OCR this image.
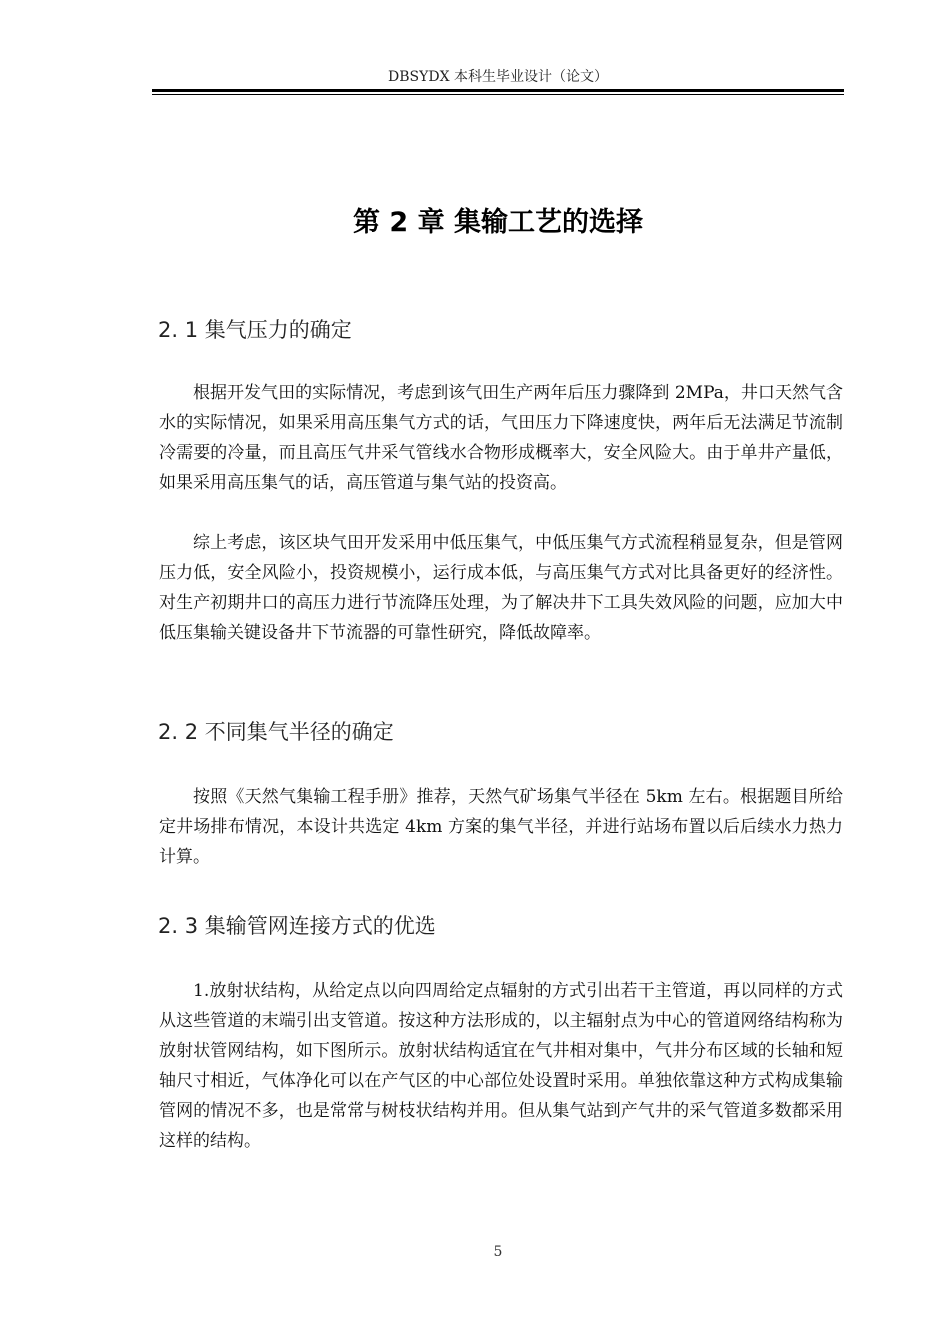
DBSYDX 本科生毕业设计（论文）
第 2 章 集输工艺的选择
2. 1 集气压力的确定

根据开发气田的实际情况，考虑到该气田生产两年后压力骤降到 2MPa，井口天然气含水的实际情况，如果采用高压集气方式的话，气田压力下降速度快，两年后无法满足节流制冷需要的冷量，而且高压气井采气管线水合物形成概率大，安全风险大。由于单井产量低，如果采用高压集气的话，高压管道与集气站的投资高。

综上考虑，该区块气田开发采用中低压集气，中低压集气方式流程稍显复杂，但是管网压力低，安全风险小，投资规模小，运行成本低，与高压集气方式对比具备更好的经济性。对生产初期井口的高压力进行节流降压处理，为了解决井下工具失效风险的问题，应加大中低压集输关键设备井下节流器的可靠性研究，降低故障率。

2. 2 不同集气半径的确定

按照《天然气集输工程手册》推荐，天然气矿场集气半径在 5km 左右。根据题目所给定井场排布情况，本设计共选定 4km 方案的集气半径，并进行站场布置以后后续水力热力计算。

2. 3 集输管网连接方式的优选

1.放射状结构，从给定点以向四周给定点辐射的方式引出若干主管道，再以同样的方式从这些管道的末端引出支管道。按这种方法形成的，以主辐射点为中心的管道网络结构称为放射状管网结构，如下图所示。放射状结构适宜在气井相对集中，气井分布区域的长轴和短轴尺寸相近，气体净化可以在产气区的中心部位处设置时采用。单独依靠这种方式构成集输管网的情况不多，也是常常与树枝状结构并用。但从集气站到产气井的采气管道多数都采用这样的结构。

5
